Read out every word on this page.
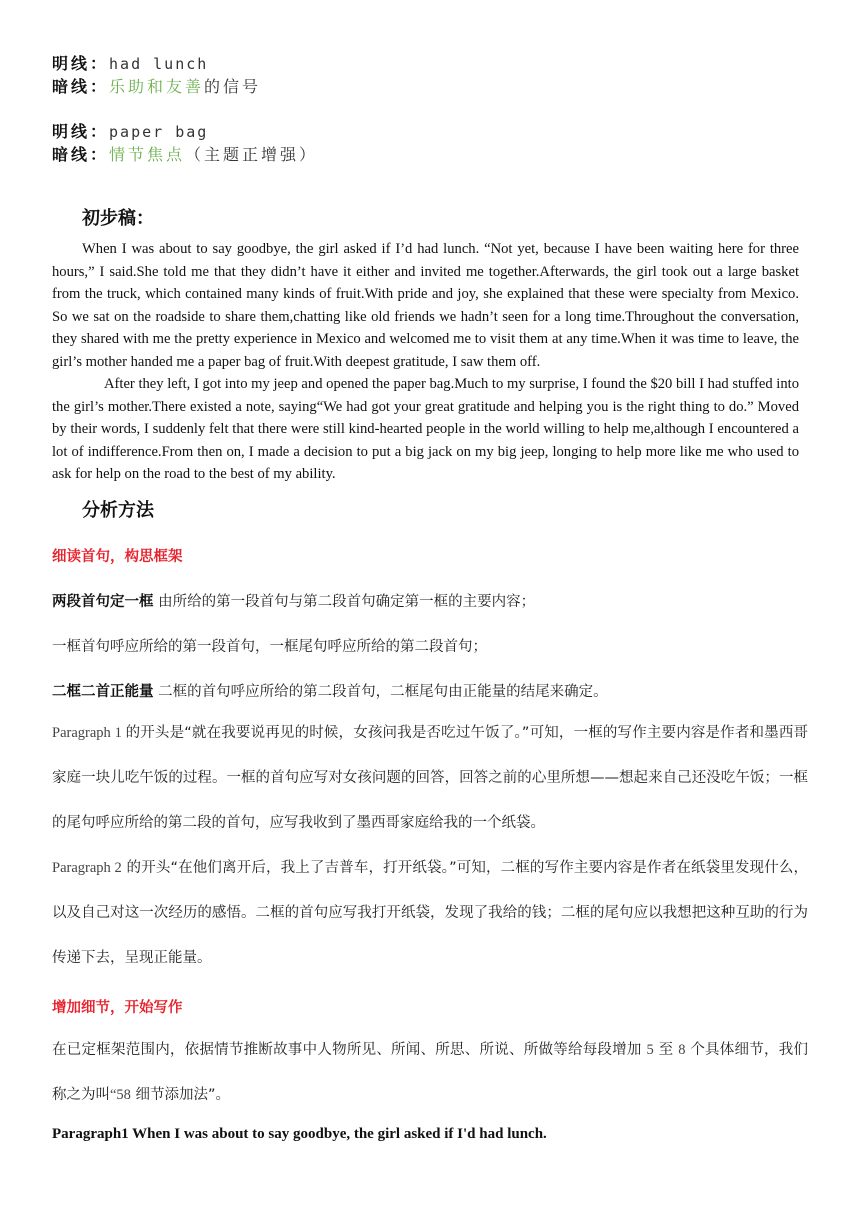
明线：had lunch
暗线：乐助和友善的信号
明线：paper bag
暗线：情节焦点（主题正增强）
初步稿：

When I was about to say goodbye, the girl asked if I’d had lunch. “Not yet, because I have been waiting here for three hours,” I said.She told me that they didn’t have it either and invited me together.Afterwards, the girl took out a large basket from the truck, which contained many kinds of fruit.With pride and joy, she explained that these were specialty from Mexico. So we sat on the roadside to share them,chatting like old friends we hadn’t seen for a long time.Throughout the conversation, they shared with me the pretty experience in Mexico and welcomed me to visit them at any time.When it was time to leave, the girl’s mother handed me a paper bag of fruit.With deepest gratitude, I saw them off.

After they left, I got into my jeep and opened the paper bag.Much to my surprise, I found the $20 bill I had stuffed into the girl’s mother.There existed a note, saying“We had got your great gratitude and helping you is the right thing to do.” Moved by their words, I suddenly felt that there were still kind-hearted people in the world willing to help me,although I encountered a lot of indifference.From then on, I made a decision to put a big jack on my big jeep, longing to help more like me who used to ask for help on the road to the best of my ability.

分析方法
细读首句，构思框架
两段首句定一框 由所给的第一段首句与第二段首句确定第一框的主要内容；
一框首句呼应所给的第一段首句，一框尾句呼应所给的第二段首句；
二框二首正能量 二框的首句呼应所给的第二段首句，二框尾句由正能量的结尾来确定。

Paragraph 1 的开头是“就在我要说再见的时候，女孩问我是否吃过午饭了。”可知，一框的写作主要内容是作者和墨西哥家庭一块儿吃午饭的过程。一框的首句应写对女孩问题的回答，回答之前的心里所想——想起来自己还没吃午饭；一框的尾句呼应所给的第二段的首句，应写我收到了墨西哥家庭给我的一个纸袋。

Paragraph 2 的开头“在他们离开后，我上了吉普车，打开纸袋。”可知，二框的写作主要内容是作者在纸袋里发现什么，以及自己对这一次经历的感悟。二框的首句应写我打开纸袋，发现了我给的钱；二框的尾句应以我想把这种互助的行为传递下去，呈现正能量。

增加细节，开始写作

在已定框架范围内，依据情节推断故事中人物所见、所闻、所思、所说、所做等给每段增加 5 至 8 个具体细节，我们称之为叫“58 细节添加法”。

Paragraph1 When I was about to say goodbye, the girl asked if I'd had lunch.
